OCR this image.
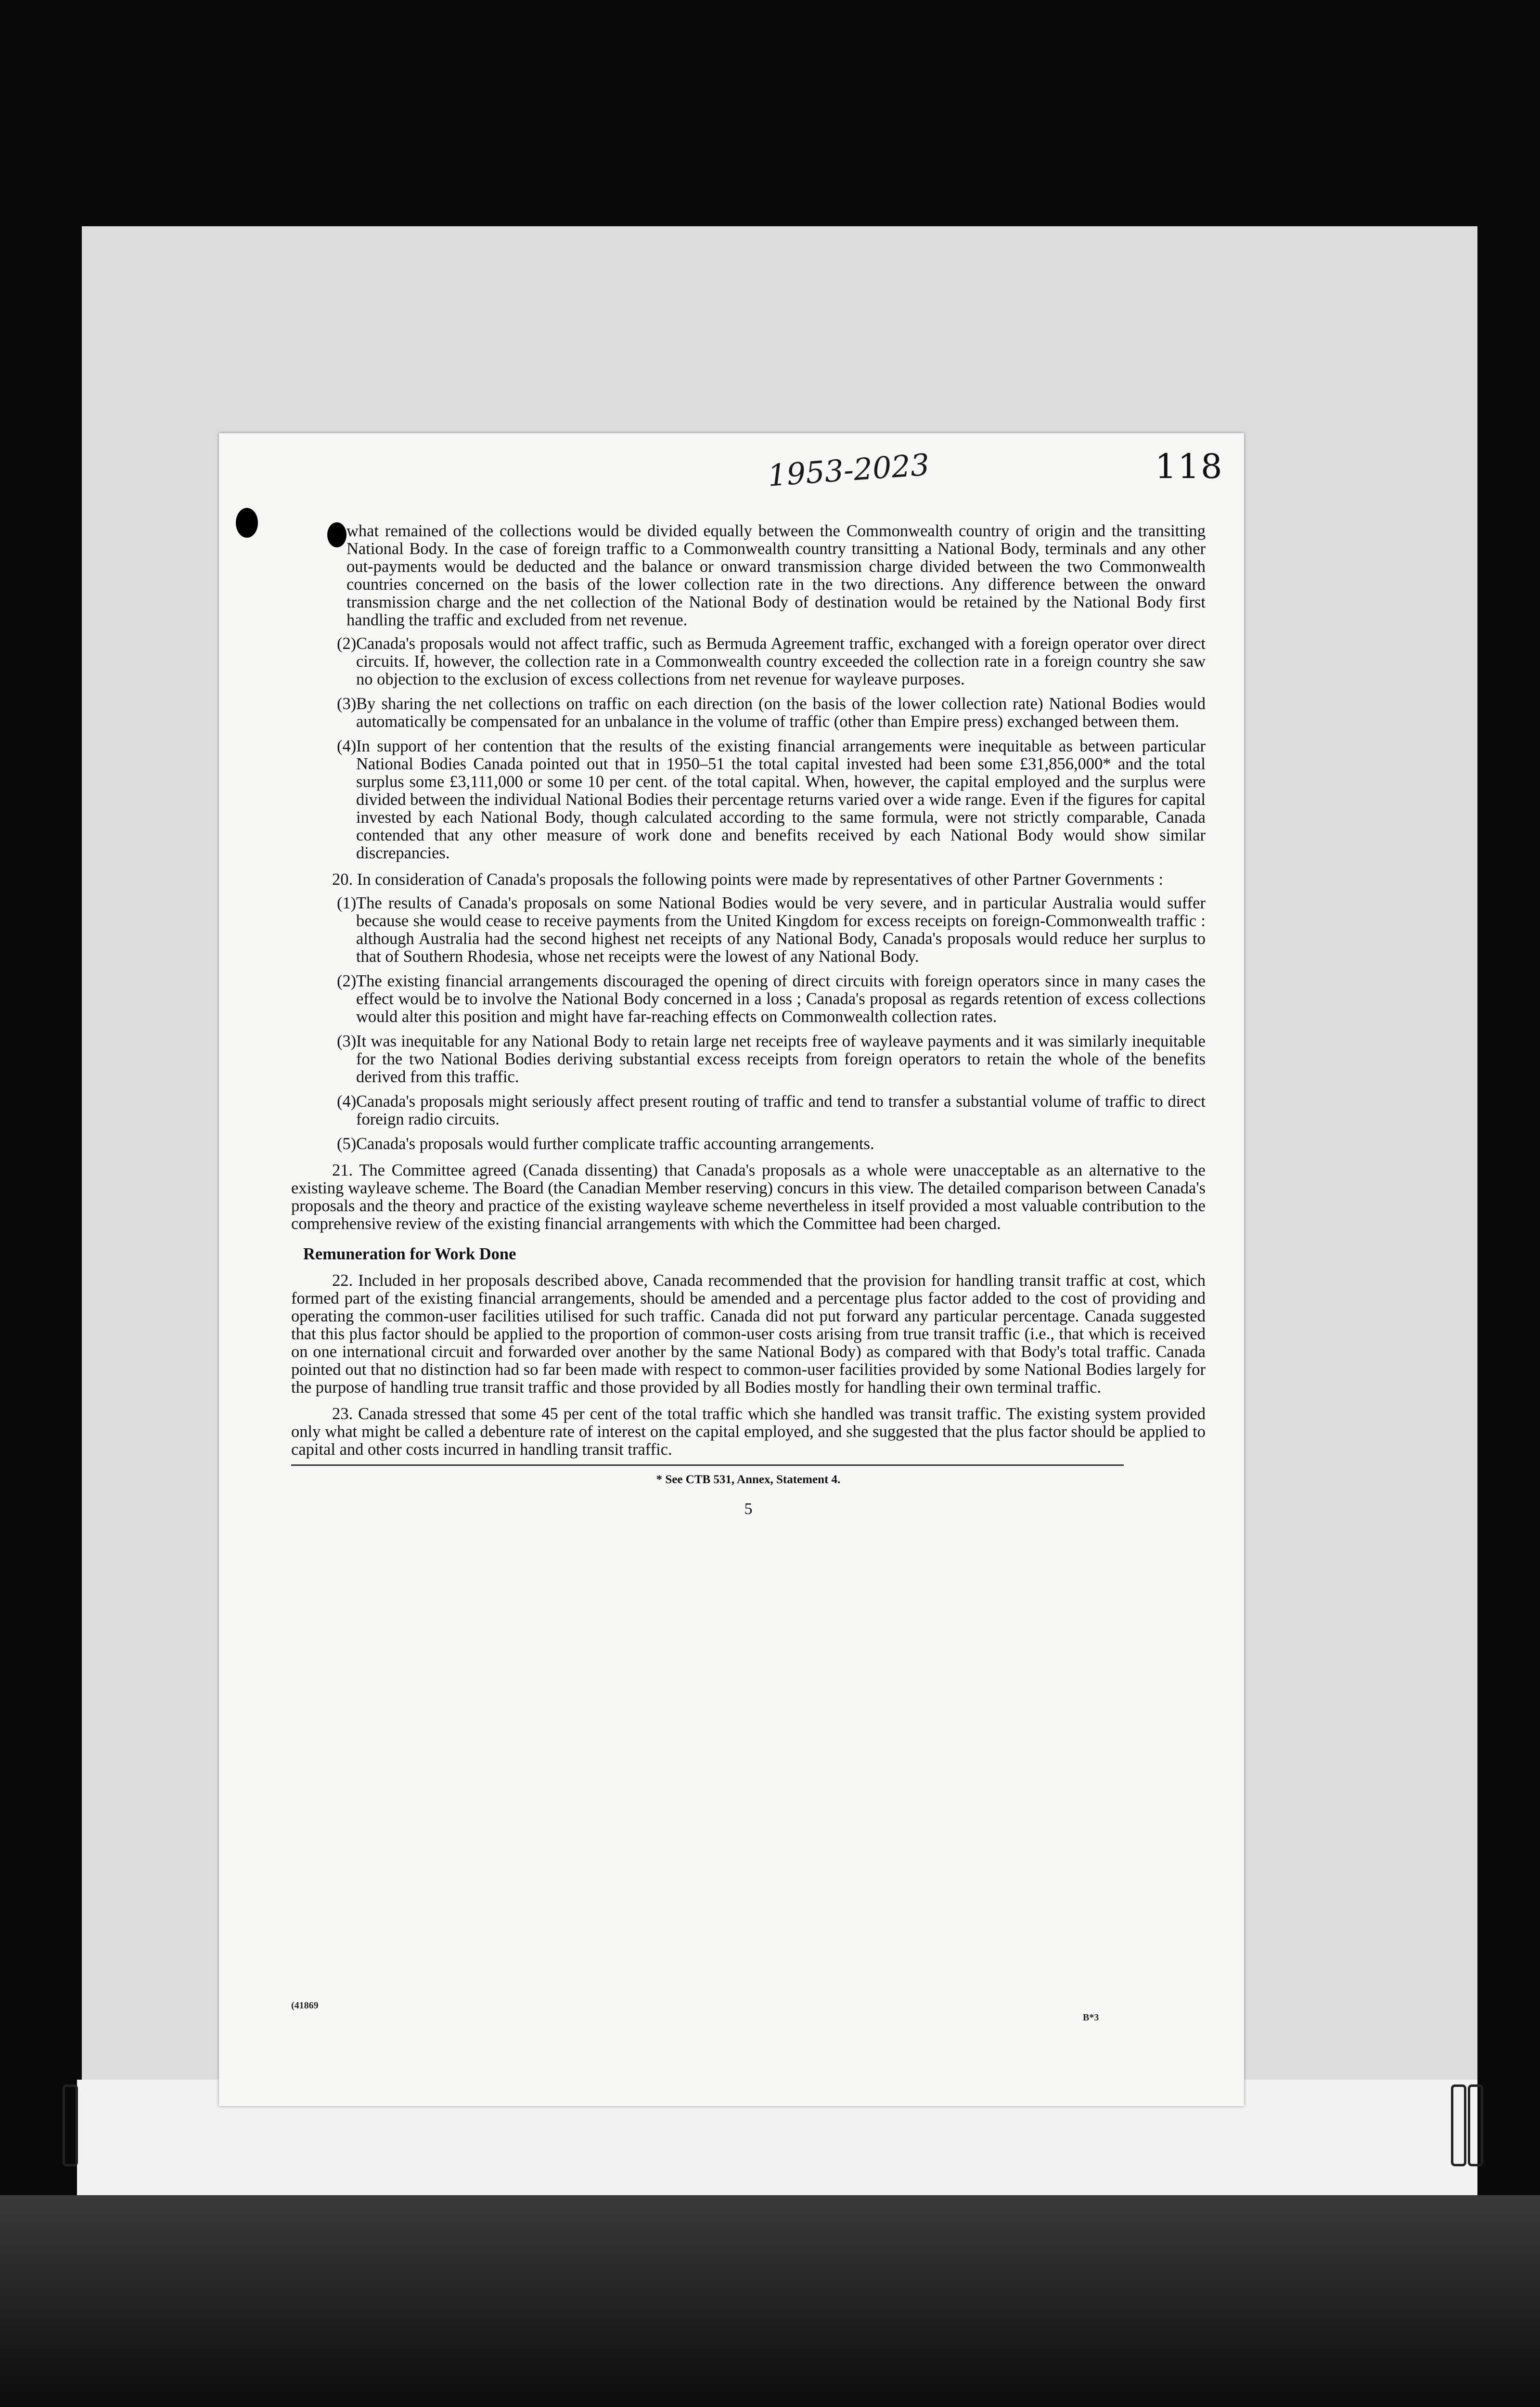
1953-2023	118

what remained of the collections would be divided equally between the Commonwealth country of origin and the transitting National Body. In the case of foreign traffic to a Commonwealth country transitting a National Body, terminals and any other out-payments would be deducted and the balance or onward transmission charge divided between the two Commonwealth countries concerned on the basis of the lower collection rate in the two directions. Any difference between the onward transmission charge and the net collection of the National Body of destination would be retained by the National Body first handling the traffic and excluded from net revenue.

(2) Canada's proposals would not affect traffic, such as Bermuda Agreement traffic, exchanged with a foreign operator over direct circuits. If, however, the collection rate in a Commonwealth country exceeded the collection rate in a foreign country she saw no objection to the exclusion of excess collections from net revenue for wayleave purposes.
(3) By sharing the net collections on traffic on each direction (on the basis of the lower collection rate) National Bodies would automatically be compensated for an unbalance in the volume of traffic (other than Empire press) exchanged between them.
(4) In support of her contention that the results of the existing financial arrangements were inequitable as between particular National Bodies Canada pointed out that in 1950–51 the total capital invested had been some £31,856,000* and the total surplus some £3,111,000 or some 10 per cent. of the total capital. When, however, the capital employed and the surplus were divided between the individual National Bodies their percentage returns varied over a wide range. Even if the figures for capital invested by each National Body, though calculated according to the same formula, were not strictly comparable, Canada contended that any other measure of work done and benefits received by each National Body would show similar discrepancies.

20. In consideration of Canada's proposals the following points were made by representatives of other Partner Governments :

(1) The results of Canada's proposals on some National Bodies would be very severe, and in particular Australia would suffer because she would cease to receive payments from the United Kingdom for excess receipts on foreign-Commonwealth traffic : although Australia had the second highest net receipts of any National Body, Canada's proposals would reduce her surplus to that of Southern Rhodesia, whose net receipts were the lowest of any National Body.
(2) The existing financial arrangements discouraged the opening of direct circuits with foreign operators since in many cases the effect would be to involve the National Body concerned in a loss ; Canada's proposal as regards retention of excess collections would alter this position and might have far-reaching effects on Commonwealth collection rates.
(3) It was inequitable for any National Body to retain large net receipts free of wayleave payments and it was similarly inequitable for the two National Bodies deriving substantial excess receipts from foreign operators to retain the whole of the benefits derived from this traffic.
(4) Canada's proposals might seriously affect present routing of traffic and tend to transfer a substantial volume of traffic to direct foreign radio circuits.
(5) Canada's proposals would further complicate traffic accounting arrangements.

21. The Committee agreed (Canada dissenting) that Canada's proposals as a whole were unacceptable as an alternative to the existing wayleave scheme. The Board (the Canadian Member reserving) concurs in this view. The detailed comparison between Canada's proposals and the theory and practice of the existing wayleave scheme nevertheless in itself provided a most valuable contribution to the comprehensive review of the existing financial arrangements with which the Committee had been charged.

Remuneration for Work Done

22. Included in her proposals described above, Canada recommended that the provision for handling transit traffic at cost, which formed part of the existing financial arrangements, should be amended and a percentage plus factor added to the cost of providing and operating the common-user facilities utilised for such traffic. Canada did not put forward any particular percentage. Canada suggested that this plus factor should be applied to the proportion of common-user costs arising from true transit traffic (i.e., that which is received on one international circuit and forwarded over another by the same National Body) as compared with that Body's total traffic. Canada pointed out that no distinction had so far been made with respect to common-user facilities provided by some National Bodies largely for the purpose of handling true transit traffic and those provided by all Bodies mostly for handling their own terminal traffic.

23. Canada stressed that some 45 per cent of the total traffic which she handled was transit traffic. The existing system provided only what might be called a debenture rate of interest on the capital employed, and she suggested that the plus factor should be applied to capital and other costs incurred in handling transit traffic.

* See CTB 531, Annex, Statement 4.

5

(41869
B*3
